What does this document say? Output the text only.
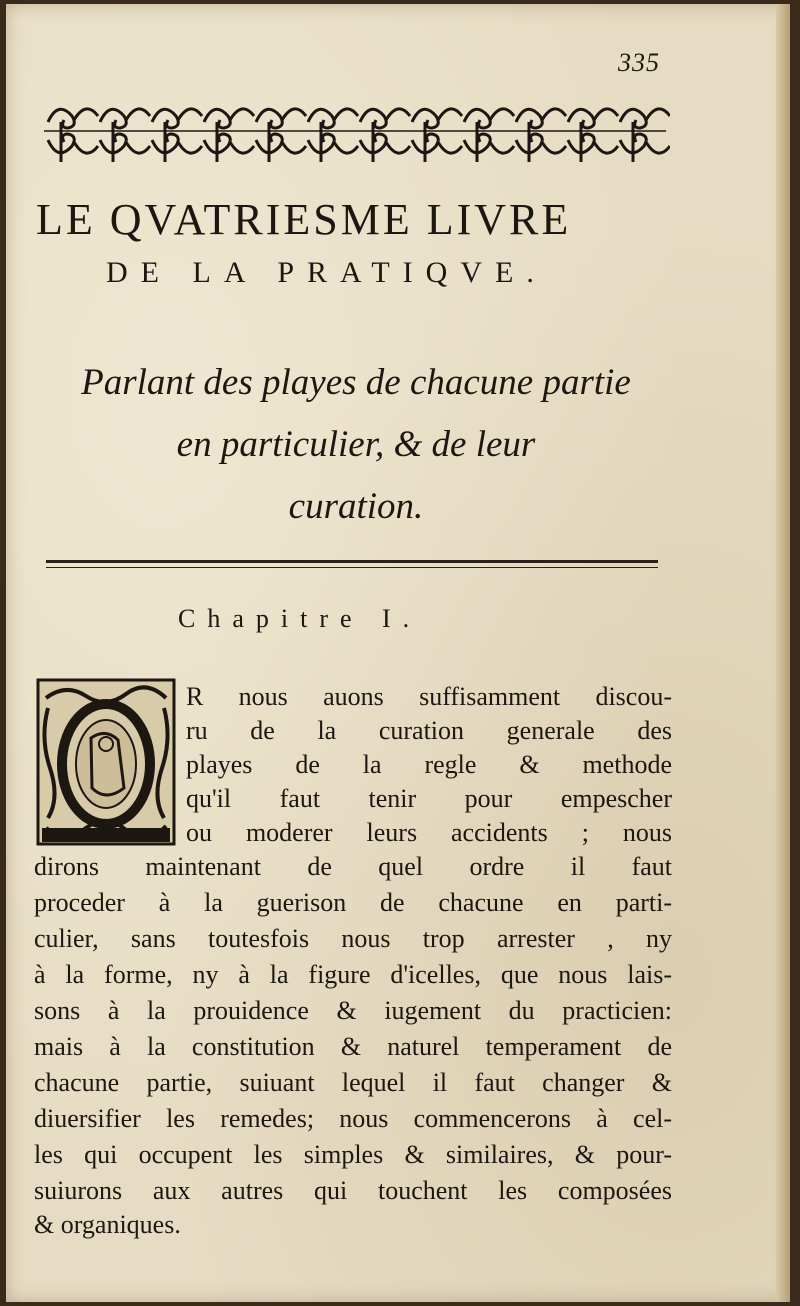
335
LE QVATRIESME LIVRE
DE LA PRATIQVE.
Parlant des playes de chacune partie
en particulier, & de leur
curation.
Chapitre I.
O
R nous auons suffisamment discou-
ru de la curation generale des
playes de la regle & methode
qu'il faut tenir pour empescher
ou moderer leurs accidents ; nous
dirons maintenant de quel ordre il faut
proceder à la guerison de chacune en parti-
culier, sans toutesfois nous trop arrester , ny
à la forme, ny à la figure d'icelles, que nous lais-
sons à la prouidence & iugement du practicien:
mais à la constitution & naturel temperament de
chacune partie, suiuant lequel il faut changer &
diuersifier les remedes; nous commencerons à cel-
les qui occupent les simples & similaires, & pour-
suiurons aux autres qui touchent les composées
& organiques.
